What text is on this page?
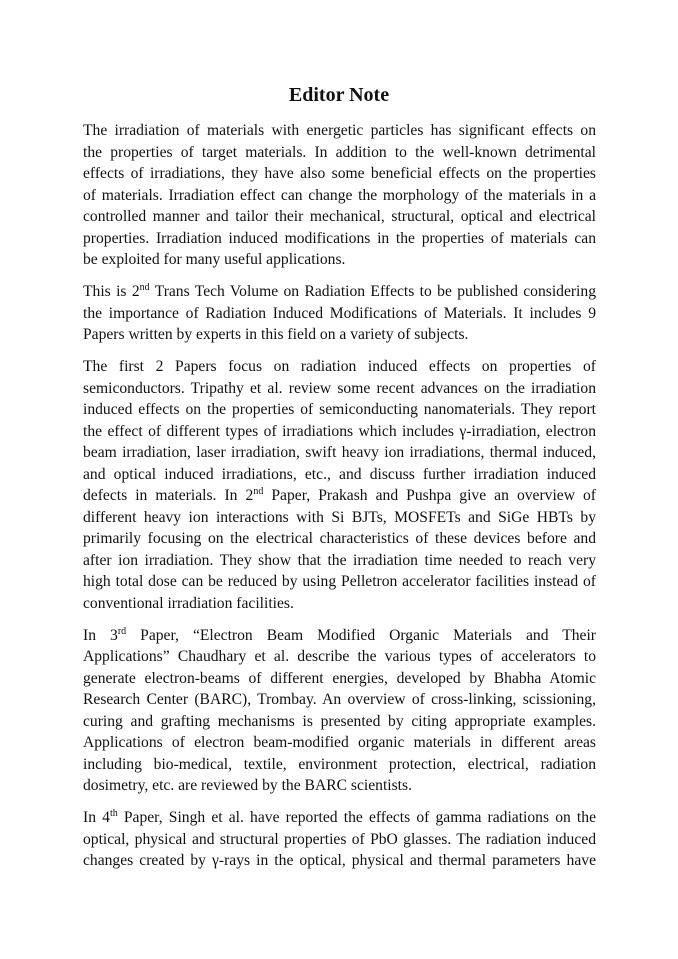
Editor Note
The irradiation of materials with energetic particles has significant effects on
the properties of target materials. In addition to the well-known detrimental
effects of irradiations, they have also some beneficial effects on the properties
of materials. Irradiation effect can change the morphology of the materials in a
controlled manner and tailor their mechanical, structural, optical and electrical
properties. Irradiation induced modifications in the properties of materials can
be exploited for many useful applications.
This is 2nd Trans Tech Volume on Radiation Effects to be published considering
the importance of Radiation Induced Modifications of Materials. It includes 9
Papers written by experts in this field on a variety of subjects.
The first 2 Papers focus on radiation induced effects on properties of
semiconductors. Tripathy et al. review some recent advances on the irradiation
induced effects on the properties of semiconducting nanomaterials. They report
the effect of different types of irradiations which includes γ-irradiation, electron
beam irradiation, laser irradiation, swift heavy ion irradiations, thermal induced,
and optical induced irradiations, etc., and discuss further irradiation induced
defects in materials. In 2nd Paper, Prakash and Pushpa give an overview of
different heavy ion interactions with Si BJTs, MOSFETs and SiGe HBTs by
primarily focusing on the electrical characteristics of these devices before and
after ion irradiation. They show that the irradiation time needed to reach very
high total dose can be reduced by using Pelletron accelerator facilities instead of
conventional irradiation facilities.
In 3rd Paper, “Electron Beam Modified Organic Materials and Their
Applications” Chaudhary et al. describe the various types of accelerators to
generate electron-beams of different energies, developed by Bhabha Atomic
Research Center (BARC), Trombay. An overview of cross-linking, scissioning,
curing and grafting mechanisms is presented by citing appropriate examples.
Applications of electron beam-modified organic materials in different areas
including bio-medical, textile, environment protection, electrical, radiation
dosimetry, etc. are reviewed by the BARC scientists.
In 4th Paper, Singh et al. have reported the effects of gamma radiations on the
optical, physical and structural properties of PbO glasses. The radiation induced
changes created by γ-rays in the optical, physical and thermal parameters have
